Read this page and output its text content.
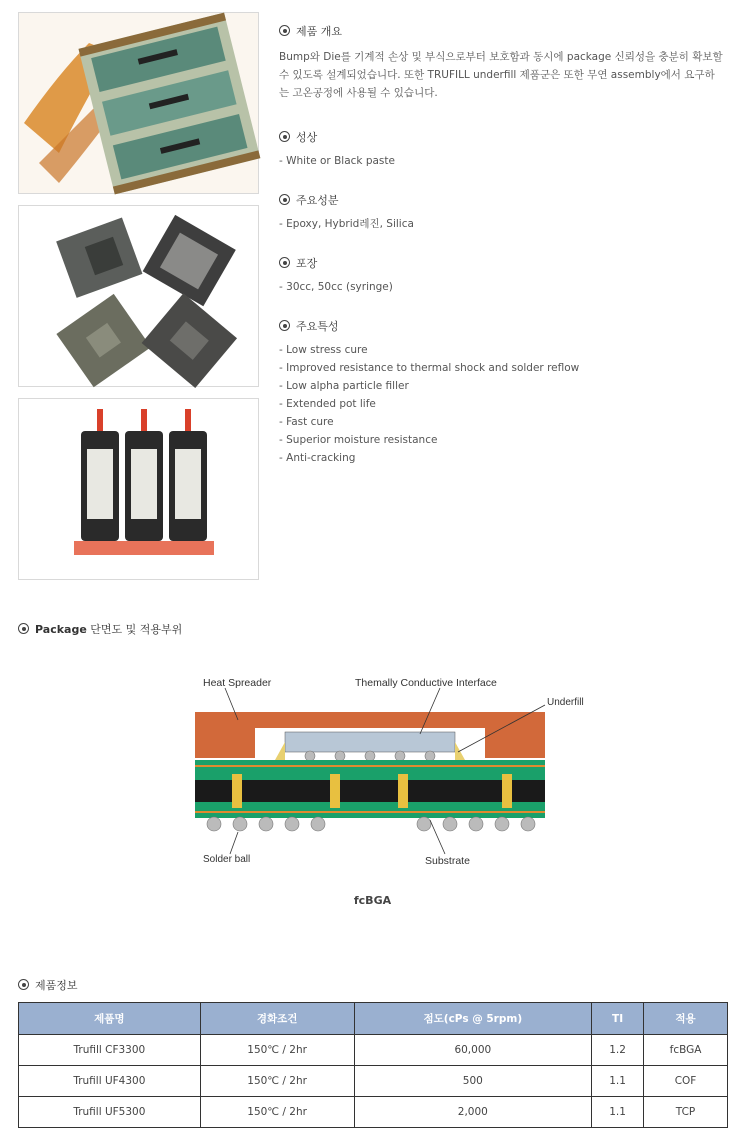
제품 개요
Bump와 Die를 기계적 손상 및 부식으로부터 보호함과 동시에 package 신뢰성을 충분히 확보할 수 있도록 설계되었습니다. 또한 TRUFILL underfill 제품군은 또한 무연 assembly에서 요구하는 고온공정에 사용될 수 있습니다.
성상
- White or Black paste
주요성분
- Epoxy, Hybrid레진, Silica
포장
- 30cc, 50cc (syringe)
주요특성
- Low stress cure
- Improved resistance to thermal shock and solder reflow
- Low alpha particle filler
- Extended pot life
- Fast cure
- Superior moisture resistance
- Anti-cracking
Package 단면도 및 적용부위
Heat Spreader	Themally Conductive Interface
Underfill
Solder ball	Substrate
fcBGA
제품정보
제품명	경화조건	점도(cPs @ 5rpm)	TI	적용
Trufill CF3300	150℃ / 2hr	60,000	1.2	fcBGA
Trufill UF4300	150℃ / 2hr	500	1.1	COF
Trufill UF5300	150℃ / 2hr	2,000	1.1	TCP
